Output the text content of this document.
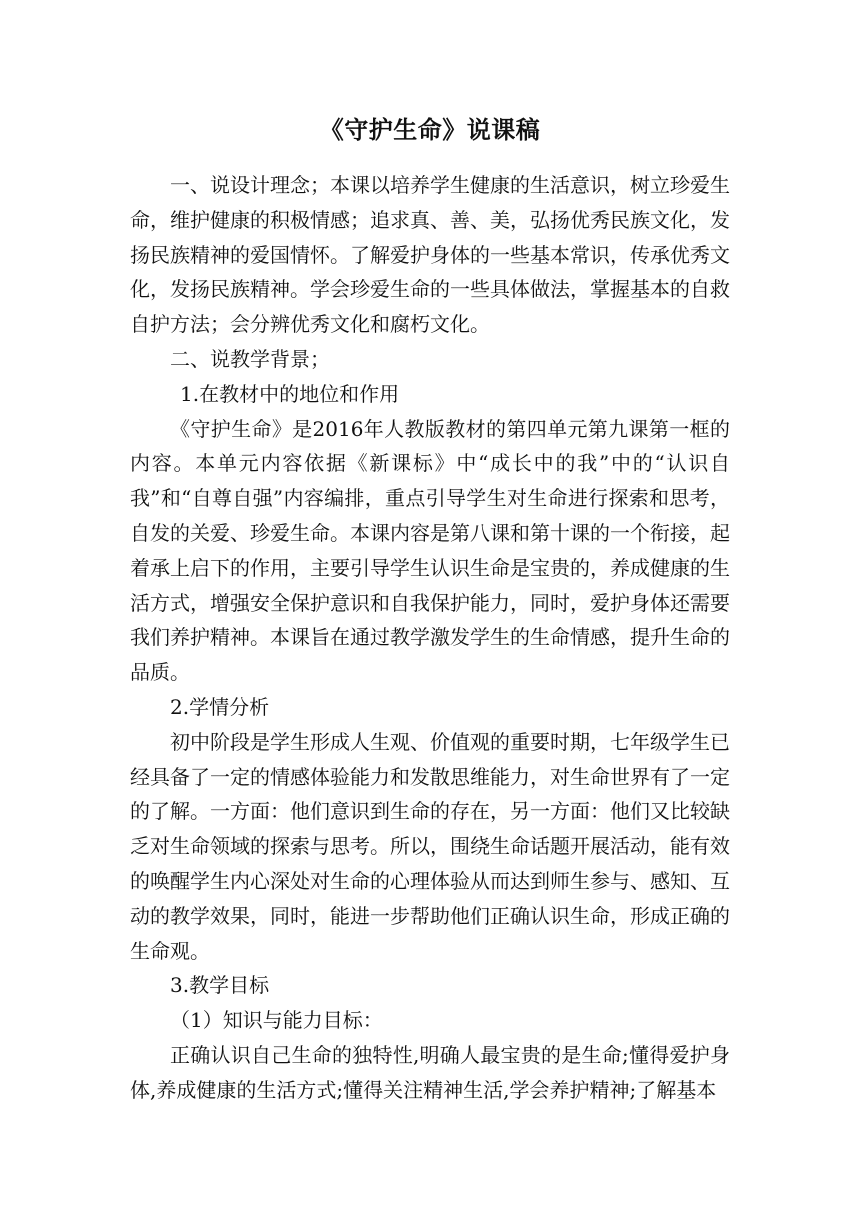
《守护生命》说课稿

一、说设计理念；本课以培养学生健康的生活意识，树立珍爱生命，维护健康的积极情感；追求真、善、美，弘扬优秀民族文化，发扬民族精神的爱国情怀。了解爱护身体的一些基本常识，传承优秀文化，发扬民族精神。学会珍爱生命的一些具体做法，掌握基本的自救自护方法；会分辨优秀文化和腐朽文化。

二、说教学背景；

1.在教材中的地位和作用

《守护生命》是2016年人教版教材的第四单元第九课第一框的内容。本单元内容依据《新课标》中“成长中的我”中的“认识自我”和“自尊自强”内容编排，重点引导学生对生命进行探索和思考，自发的关爱、珍爱生命。本课内容是第八课和第十课的一个衔接，起着承上启下的作用，主要引导学生认识生命是宝贵的，养成健康的生活方式，增强安全保护意识和自我保护能力，同时，爱护身体还需要我们养护精神。本课旨在通过教学激发学生的生命情感，提升生命的品质。

2.学情分析

初中阶段是学生形成人生观、价值观的重要时期，七年级学生已经具备了一定的情感体验能力和发散思维能力，对生命世界有了一定的了解。一方面：他们意识到生命的存在，另一方面：他们又比较缺乏对生命领域的探索与思考。所以，围绕生命话题开展活动，能有效的唤醒学生内心深处对生命的心理体验从而达到师生参与、感知、互动的教学效果，同时，能进一步帮助他们正确认识生命，形成正确的生命观。

3.教学目标

（1）知识与能力目标：

正确认识自己生命的独特性,明确人最宝贵的是生命;懂得爱护身体,养成健康的生活方式;懂得关注精神生活,学会养护精神;了解基本
